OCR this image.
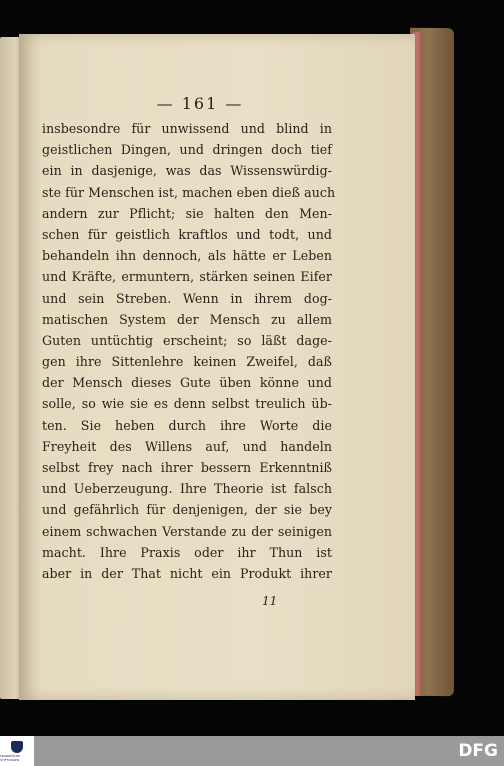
— 161 —
insbesondre für unwissend und blind in
geistlichen Dingen, und dringen doch tief
ein in dasjenige, was das Wissenswürdig-
ste für Menschen ist, machen eben dieß auch
andern zur Pflicht; sie halten den Men-
schen für geistlich kraftlos und todt, und
behandeln ihn dennoch, als hätte er Leben
und Kräfte, ermuntern, stärken seinen Eifer
und sein Streben. Wenn in ihrem dog-
matischen System der Mensch zu allem
Guten untüchtig erscheint; so läßt dage-
gen ihre Sittenlehre keinen Zweifel, daß
der Mensch dieses Gute üben könne und
solle, so wie sie es denn selbst treulich üb-
ten. Sie heben durch ihre Worte die
Freyheit des Willens auf, und handeln
selbst frey nach ihrer bessern Erkenntniß
und Ueberzeugung. Ihre Theorie ist falsch
und gefährlich für denjenigen, der sie bey
einem schwachen Verstande zu der seinigen
macht. Ihre Praxis oder ihr Thun ist
aber in der That nicht ein Produkt ihrer
11
FRANKESCHE STIFTUNGEN	DFG
